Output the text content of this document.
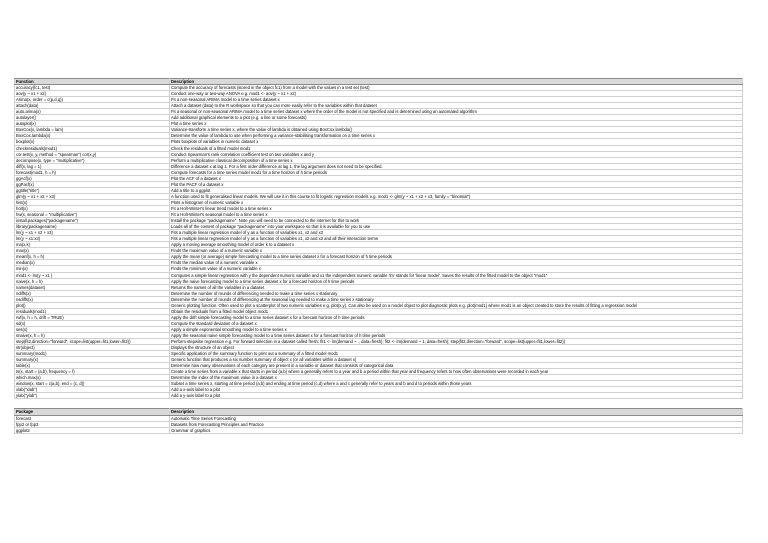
Function	Description
accuracy(fc1, test)	Compute the accuracy of forecasts (stored in the object fc1) from a model with the values in a test set (test)
aov(y ~ x1 + x2)	Conduct one-way or two-way ANOVA e.g. mod1 <- aov(y ~ x1 + x2)
Arima(x, order = c(p,d,q))	Fit a non-seasonal ARIMA model to a time series dataset x
attach(data)	Attach a dataset (data) to the R workspace so that you can more easily refer to the variables within that dataset
auto.arima(x)	Fit a seasonal or non-seasonal ARIMA model to a time series dataset x where the order of the model is not specified and is determined using an automated algorithm
autolayer()	Add additional graphical elements to a plot (e.g. a line or some forecasts)
autoplot(x)	Plot a time series x
BoxCox(x, lambda = lam)	Variance-transform a time series x, where the value of lambda is obtained using BoxCox.lambda()
BoxCox.lambda(x)	Determine the value of lambda to use when performing a variance-stabilising transformation on a time series x
boxplot(x)	Plots boxplots of variables in numeric dataset x
checkresiduals(mod1)	Check the residuals of a fitted model mod1
cor.test(x, y, method = "spearman") cor(x,y)	Conduct Spearman's rank correlation coefficient test on two variables x and y
decompose(x, type = "multiplicative")	Perform a multiplicative classical decomposition of a time series x
diff(x, lag = 1)	Difference a dataset x at lag 1. For a first order difference at lag 1, the lag argument does not need to be specified.
forecast(mod1, h = h)	Compute forecasts for a time series model mod1 for a time horizon of h time periods
ggAcf(x)	Plot the ACF of a dataset x
ggPacf(x)	Plot the PACF of a dataset x
ggtitle("title")	Add a title to a ggplot
glm(y ~ x1 + x2 + x3)	A function used to fit generalised linear models. We will use it in this course to fit logistic regression models e.g. mod1 <- glm(y ~ x1 + x2 + x3, family = "binomial")
hist(x)	Plots a histogram of numeric variable x
holt(x)	Fit a Holt-Winter's linear trend model to a time series x
hw(x, seasonal = "multiplicative")	Fit a Holt-Winter's seasonal model to a time series x
install.packages("packagename")	Install the package "packagename". Note you will need to be connected to the internet for this to work
library(packagename)	Loads all of the content of package "packagename" into your workspace so that it is available for you to use
lm(y ~ x1 + x2 + x3)	Fits a multiple linear regression model of y as a function of variables x1, x2 and x3
lm(y ~ x1:x3)	Fits a multiple linear regression model of y as a function of variables x1, x2 and x3 and all their interaction terms
ma(x,k)	Apply a moving average smoothing model of order k to a dataset x
max(x)	Finds the maximum value of a numeric variable x
meanf(x, h = h)	Apply the mean (or average) simple forecasting model to a time series dataset x for a forecast horizon of h time periods
median(x)	Finds the median value of a numeric variable x
min(x)	Finds the minimum value of a numeric variable x
mod1 <- lm(y ~ x1 )	Computes a simple linear regression with y the dependent numeric variable and x1 the independent numeric variable 'lm' stands for 'linear model'. Saves the results of the fitted model to the object "mod1"
naive(x, h = h)	Apply the naive forecasting model to a time series dataset x for a forecast horizon of h time periods
names(dataset)	Returns the names of all the variables in a dataset
ndiffs(x)	Determine the number of rounds of differencing needed to make a time series x stationary
nsdiffs(x)	Determine the number of rounds of differencing at the seasonal lag needed to make a time series x stationary
plot()	Generic plotting function. Often used to plot a scatterplot of two numeric variables e.g. plot(x,y). Can also be used on a model object to plot diagnostic plots e.g. plot(mod1) where mod1 is an object created to store the results of fitting a regression model
residuals(mod1)	Obtain the residuals from a fitted model object mod1
rwf(x, h = h, drift = TRUE)	Apply the drift simple forecasting model to a time series dataset x for a forecast horizon of h time periods
sd(x)	Compute the standard deviation of a dataset x
ses(x)	Apply a simple exponential smoothing model to a time series x
snaive(x, h = h)	Apply the seasonal naive simple forecasting model to a time series dataset x for a forecast horizon of h time periods
step(fit2,direction="forward", scope=list(upper=fit1,lower=fit2))	Perform stepwise regression e.g. For forward selection in a dataset called fresh: fit1 <- lm(demand ~ ., data=fresh); fit2 <- lm(demand ~ 1, data=fresh); step(fit2,direction="forward", scope=list(upper=fit1,lower=fit2))
str(object)	Displays the structure of an object
summary(mod1)	Specific application of the summary function to print out a summary of a fitted model mod1
summary(x)	Generic function that produces a six number summary of object x (or all variables within a dataset x)
table(x)	Determine how many observations of each category are present in a variable or dataset that consists of categorical data
ts(x, start = (a,b), frequency = f)	Create a time series from a variable x that starts in period (a,b) where a generally refers to a year and b a period within that year and frequency refers to how often observations were recorded in each year
which.max(x)	Determine the index of the maximum value in a dataset x
window(x, start = c(a,b), end = (c, d))	Subset a time series x, starting at time period (a,b) and ending at time period (c,d) where a and c generally refer to years and b and d to periods within those years
xlab("xlab")	Add a x-axis label to a plot
ylab("ylab")	Add a y-axis label to a plot
Package	Description
forecast	Automatic Time Series Forecasting
fpp2 or fpp3	Datasets from Forecasting Principles and Practice
ggplot2	Grammar of graphics
